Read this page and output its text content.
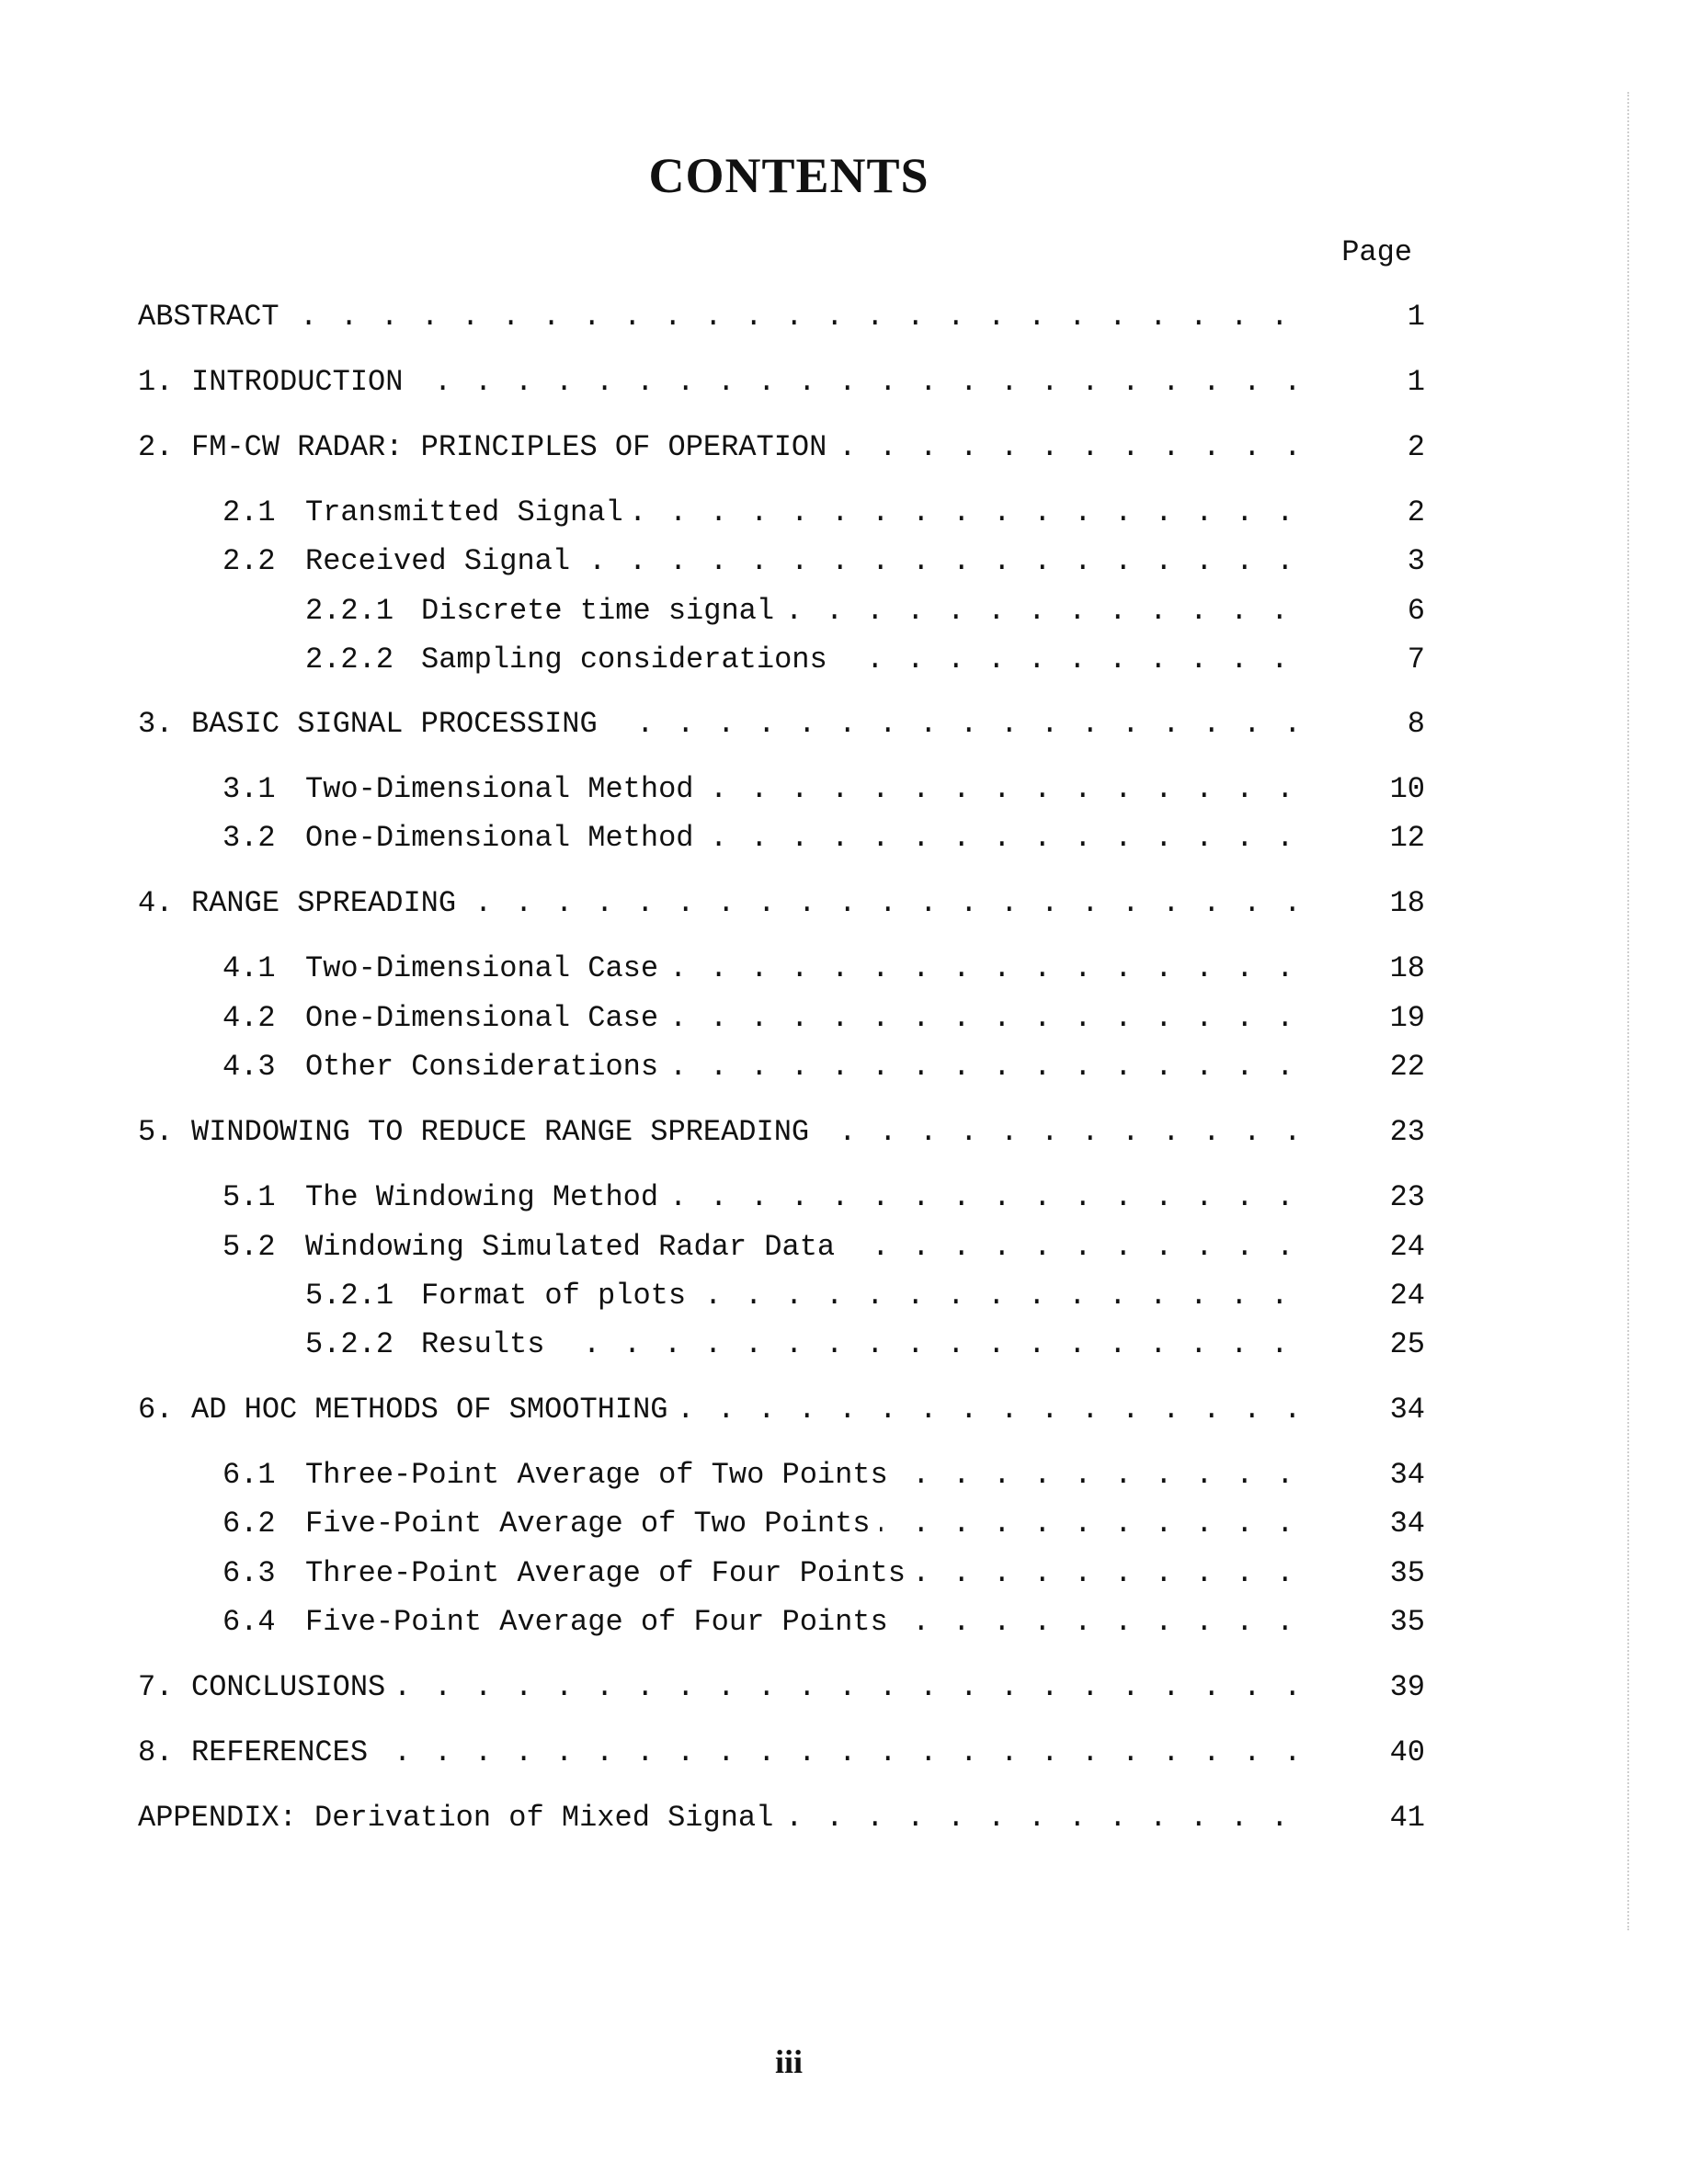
CONTENTS
Page
ABSTRACT . . .	1
1. INTRODUCTION . . .	1
2. FM-CW RADAR: PRINCIPLES OF OPERATION . . .	2
2.1 Transmitted Signal . . .	2
2.2 Received Signal . . .	3
2.2.1 Discrete time signal . . .	6
2.2.2 Sampling considerations . . .	7
3. BASIC SIGNAL PROCESSING . . .	8
3.1 Two-Dimensional Method . . .	10
3.2 One-Dimensional Method . . .	12
4. RANGE SPREADING . . .	18
4.1 Two-Dimensional Case . . .	18
4.2 One-Dimensional Case . . .	19
4.3 Other Considerations . . .	22
5. WINDOWING TO REDUCE RANGE SPREADING . . .	23
5.1 The Windowing Method . . .	23
5.2 Windowing Simulated Radar Data . . .	24
5.2.1 Format of plots . . .	24
5.2.2 Results . . .	25
6. AD HOC METHODS OF SMOOTHING . . .	34
6.1 Three-Point Average of Two Points . . .	34
6.2 Five-Point Average of Two Points . . .	34
6.3 Three-Point Average of Four Points . . .	35
6.4 Five-Point Average of Four Points . . .	35
7. CONCLUSIONS . . .	39
8. REFERENCES . . .	40
APPENDIX: Derivation of Mixed Signal . . .	41
iii
